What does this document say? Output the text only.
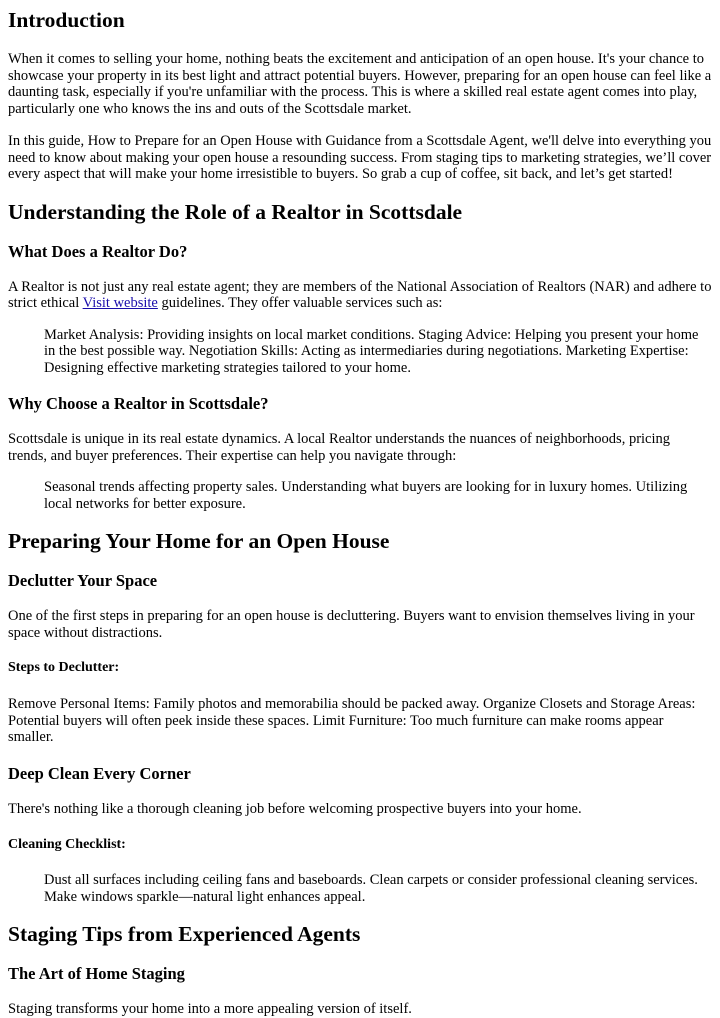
Introduction

When it comes to selling your home, nothing beats the excitement and anticipation of an open house. It's your chance to showcase your property in its best light and attract potential buyers. However, preparing for an open house can feel like a daunting task, especially if you're unfamiliar with the process. This is where a skilled real estate agent comes into play, particularly one who knows the ins and outs of the Scottsdale market.

In this guide, How to Prepare for an Open House with Guidance from a Scottsdale Agent, we'll delve into everything you need to know about making your open house a resounding success. From staging tips to marketing strategies, we’ll cover every aspect that will make your home irresistible to buyers. So grab a cup of coffee, sit back, and let’s get started!

Understanding the Role of a Realtor in Scottsdale
What Does a Realtor Do?

A Realtor is not just any real estate agent; they are members of the National Association of Realtors (NAR) and adhere to strict ethical Visit website guidelines. They offer valuable services such as:

Market Analysis: Providing insights on local market conditions. Staging Advice: Helping you present your home in the best possible way. Negotiation Skills: Acting as intermediaries during negotiations. Marketing Expertise: Designing effective marketing strategies tailored to your home.
Why Choose a Realtor in Scottsdale?

Scottsdale is unique in its real estate dynamics. A local Realtor understands the nuances of neighborhoods, pricing trends, and buyer preferences. Their expertise can help you navigate through:

Seasonal trends affecting property sales. Understanding what buyers are looking for in luxury homes. Utilizing local networks for better exposure.
Preparing Your Home for an Open House
Declutter Your Space

One of the first steps in preparing for an open house is decluttering. Buyers want to envision themselves living in your space without distractions.

Steps to Declutter:

Remove Personal Items: Family photos and memorabilia should be packed away. Organize Closets and Storage Areas: Potential buyers will often peek inside these spaces. Limit Furniture: Too much furniture can make rooms appear smaller.

Deep Clean Every Corner

There's nothing like a thorough cleaning job before welcoming prospective buyers into your home.

Cleaning Checklist:
Dust all surfaces including ceiling fans and baseboards. Clean carpets or consider professional cleaning services. Make windows sparkle—natural light enhances appeal.
Staging Tips from Experienced Agents
The Art of Home Staging

Staging transforms your home into a more appealing version of itself.
